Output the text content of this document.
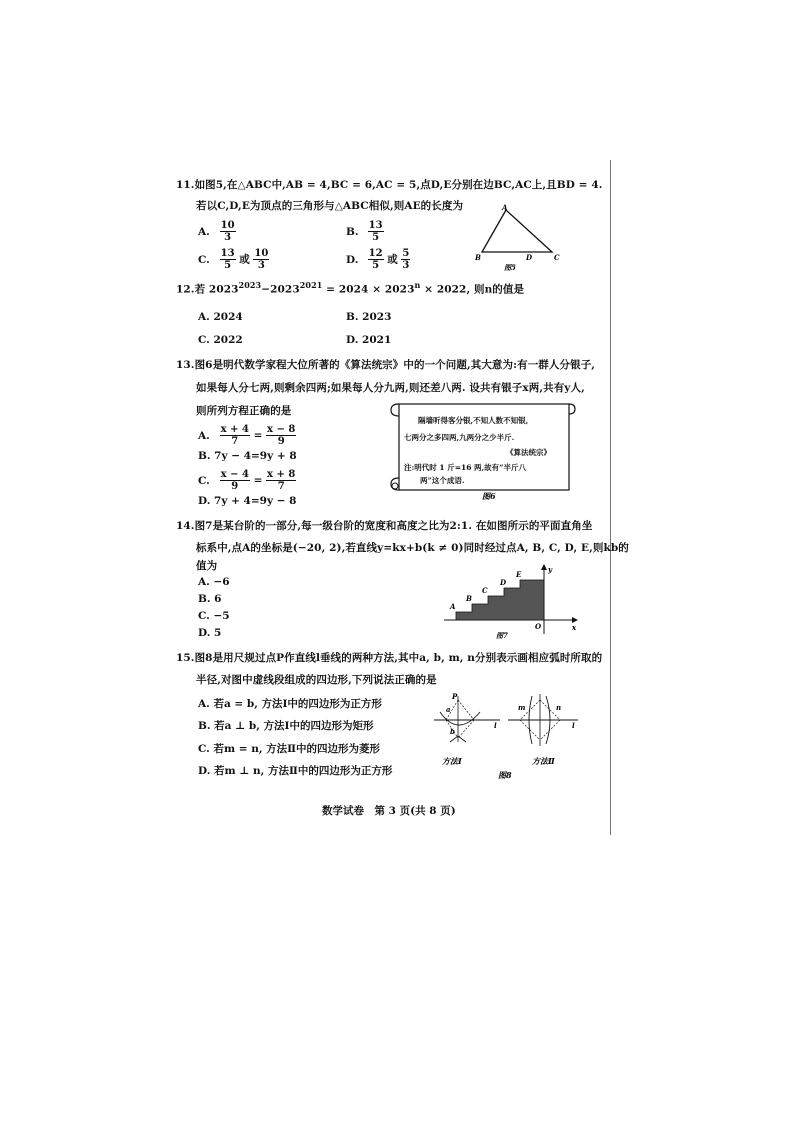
11.如图5,在△ABC中,AB = 4,BC = 6,AC = 5,点D,E分别在边BC,AC上,且BD = 4.
若以C,D,E为顶点的三角形与△ABC相似,则AE的长度为
A. $\frac{10}{3}$	B. $\frac{13}{5}$
C. $\frac{13}{5}$ 或 $\frac{10}{3}$	D. $\frac{12}{5}$ 或 $\frac{5}{3}$
A
B	C
D
图5
12.若 $2023^{2023}-2023^{2021} = 2024 \times 2023^n \times 2022$, 则n的值是
A. 2024	B. 2023
C. 2022	D. 2021
13.图6是明代数学家程大位所著的《算法统宗》中的一个问题,其大意为:有一群人分银子,
如果每人分七两,则剩余四两;如果每人分九两,则还差八两. 设共有银子x两,共有y人,
则所列方程正确的是
A. $\frac{x + 4}{7} = \frac{x - 8}{9}$
B. 7y − 4=9y + 8
C. $\frac{x - 4}{9} = \frac{x + 8}{7}$
D. 7y + 4=9y − 8	图6
隔墙听得客分银,不知人数不知银,
七两分之多四两,九两分之少半斤.
《算法统宗》
注:明代时 1 斤=16 两,故有“半斤八
两”这个成语.
14.图7是某台阶的一部分,每一级台阶的宽度和高度之比为2:1. 在如图所示的平面直角坐
标系中,点A的坐标是(−20, 2),若直线y=kx+b(k ≠ 0)同时经过点A, B, C, D, E,则kb的
值为
A. −6
B. 6
C. −5
D. 5
A
B
C
D
E
O	x
y
图7
15.图8是用尺规过点P作直线l垂线的两种方法,其中a, b, m, n分别表示画相应弧时所取的
半径,对图中虚线段组成的四边形,下列说法正确的是
A. 若a = b, 方法Ⅰ中的四边形为正方形
B. 若a ⊥ b, 方法Ⅰ中的四边形为矩形
C. 若m = n, 方法Ⅱ中的四边形为菱形
D. 若m ⊥ n, 方法Ⅱ中的四边形为正方形
P
a
b
l
m	n
l
方法Ⅰ	方法Ⅱ
图8
数学试卷　第 3 页(共 8 页)
